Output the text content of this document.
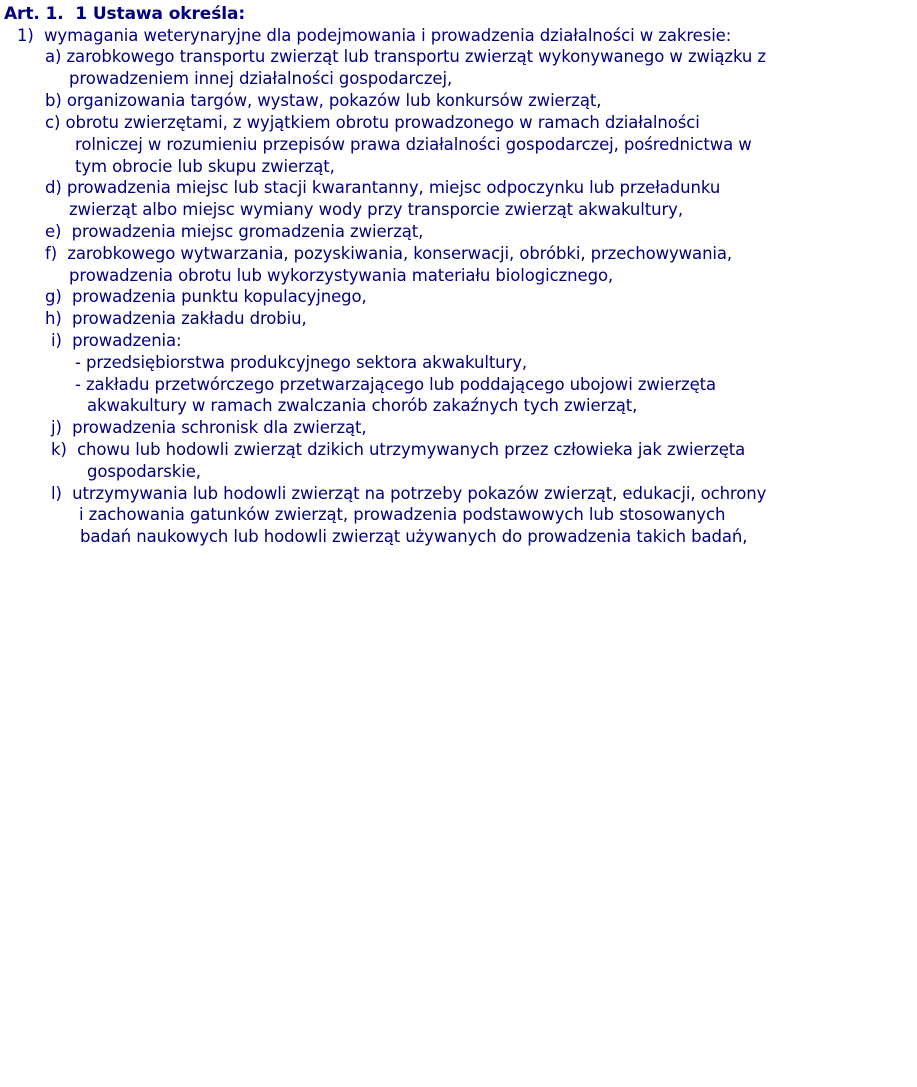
Art. 1.  1 Ustawa określa:
1)  wymagania weterynaryjne dla podejmowania i prowadzenia działalności w zakresie:
a) zarobkowego transportu zwierząt lub transportu zwierząt wykonywanego w związku z
prowadzeniem innej działalności gospodarczej,
b) organizowania targów, wystaw, pokazów lub konkursów zwierząt,
c) obrotu zwierzętami, z wyjątkiem obrotu prowadzonego w ramach działalności
rolniczej w rozumieniu przepisów prawa działalności gospodarczej, pośrednictwa w
tym obrocie lub skupu zwierząt,
d) prowadzenia miejsc lub stacji kwarantanny, miejsc odpoczynku lub przeładunku
zwierząt albo miejsc wymiany wody przy transporcie zwierząt akwakultury,
e)  prowadzenia miejsc gromadzenia zwierząt,
f)  zarobkowego wytwarzania, pozyskiwania, konserwacji, obróbki, przechowywania,
prowadzenia obrotu lub wykorzystywania materiału biologicznego,
g)  prowadzenia punktu kopulacyjnego,
h)  prowadzenia zakładu drobiu,
i)  prowadzenia:
- przedsiębiorstwa produkcyjnego sektora akwakultury,
- zakładu przetwórczego przetwarzającego lub poddającego ubojowi zwierzęta
akwakultury w ramach zwalczania chorób zakaźnych tych zwierząt,
j)  prowadzenia schronisk dla zwierząt,
k)  chowu lub hodowli zwierząt dzikich utrzymywanych przez człowieka jak zwierzęta
gospodarskie,
l)  utrzymywania lub hodowli zwierząt na potrzeby pokazów zwierząt, edukacji, ochrony
i zachowania gatunków zwierząt, prowadzenia podstawowych lub stosowanych
badań naukowych lub hodowli zwierząt używanych do prowadzenia takich badań,
